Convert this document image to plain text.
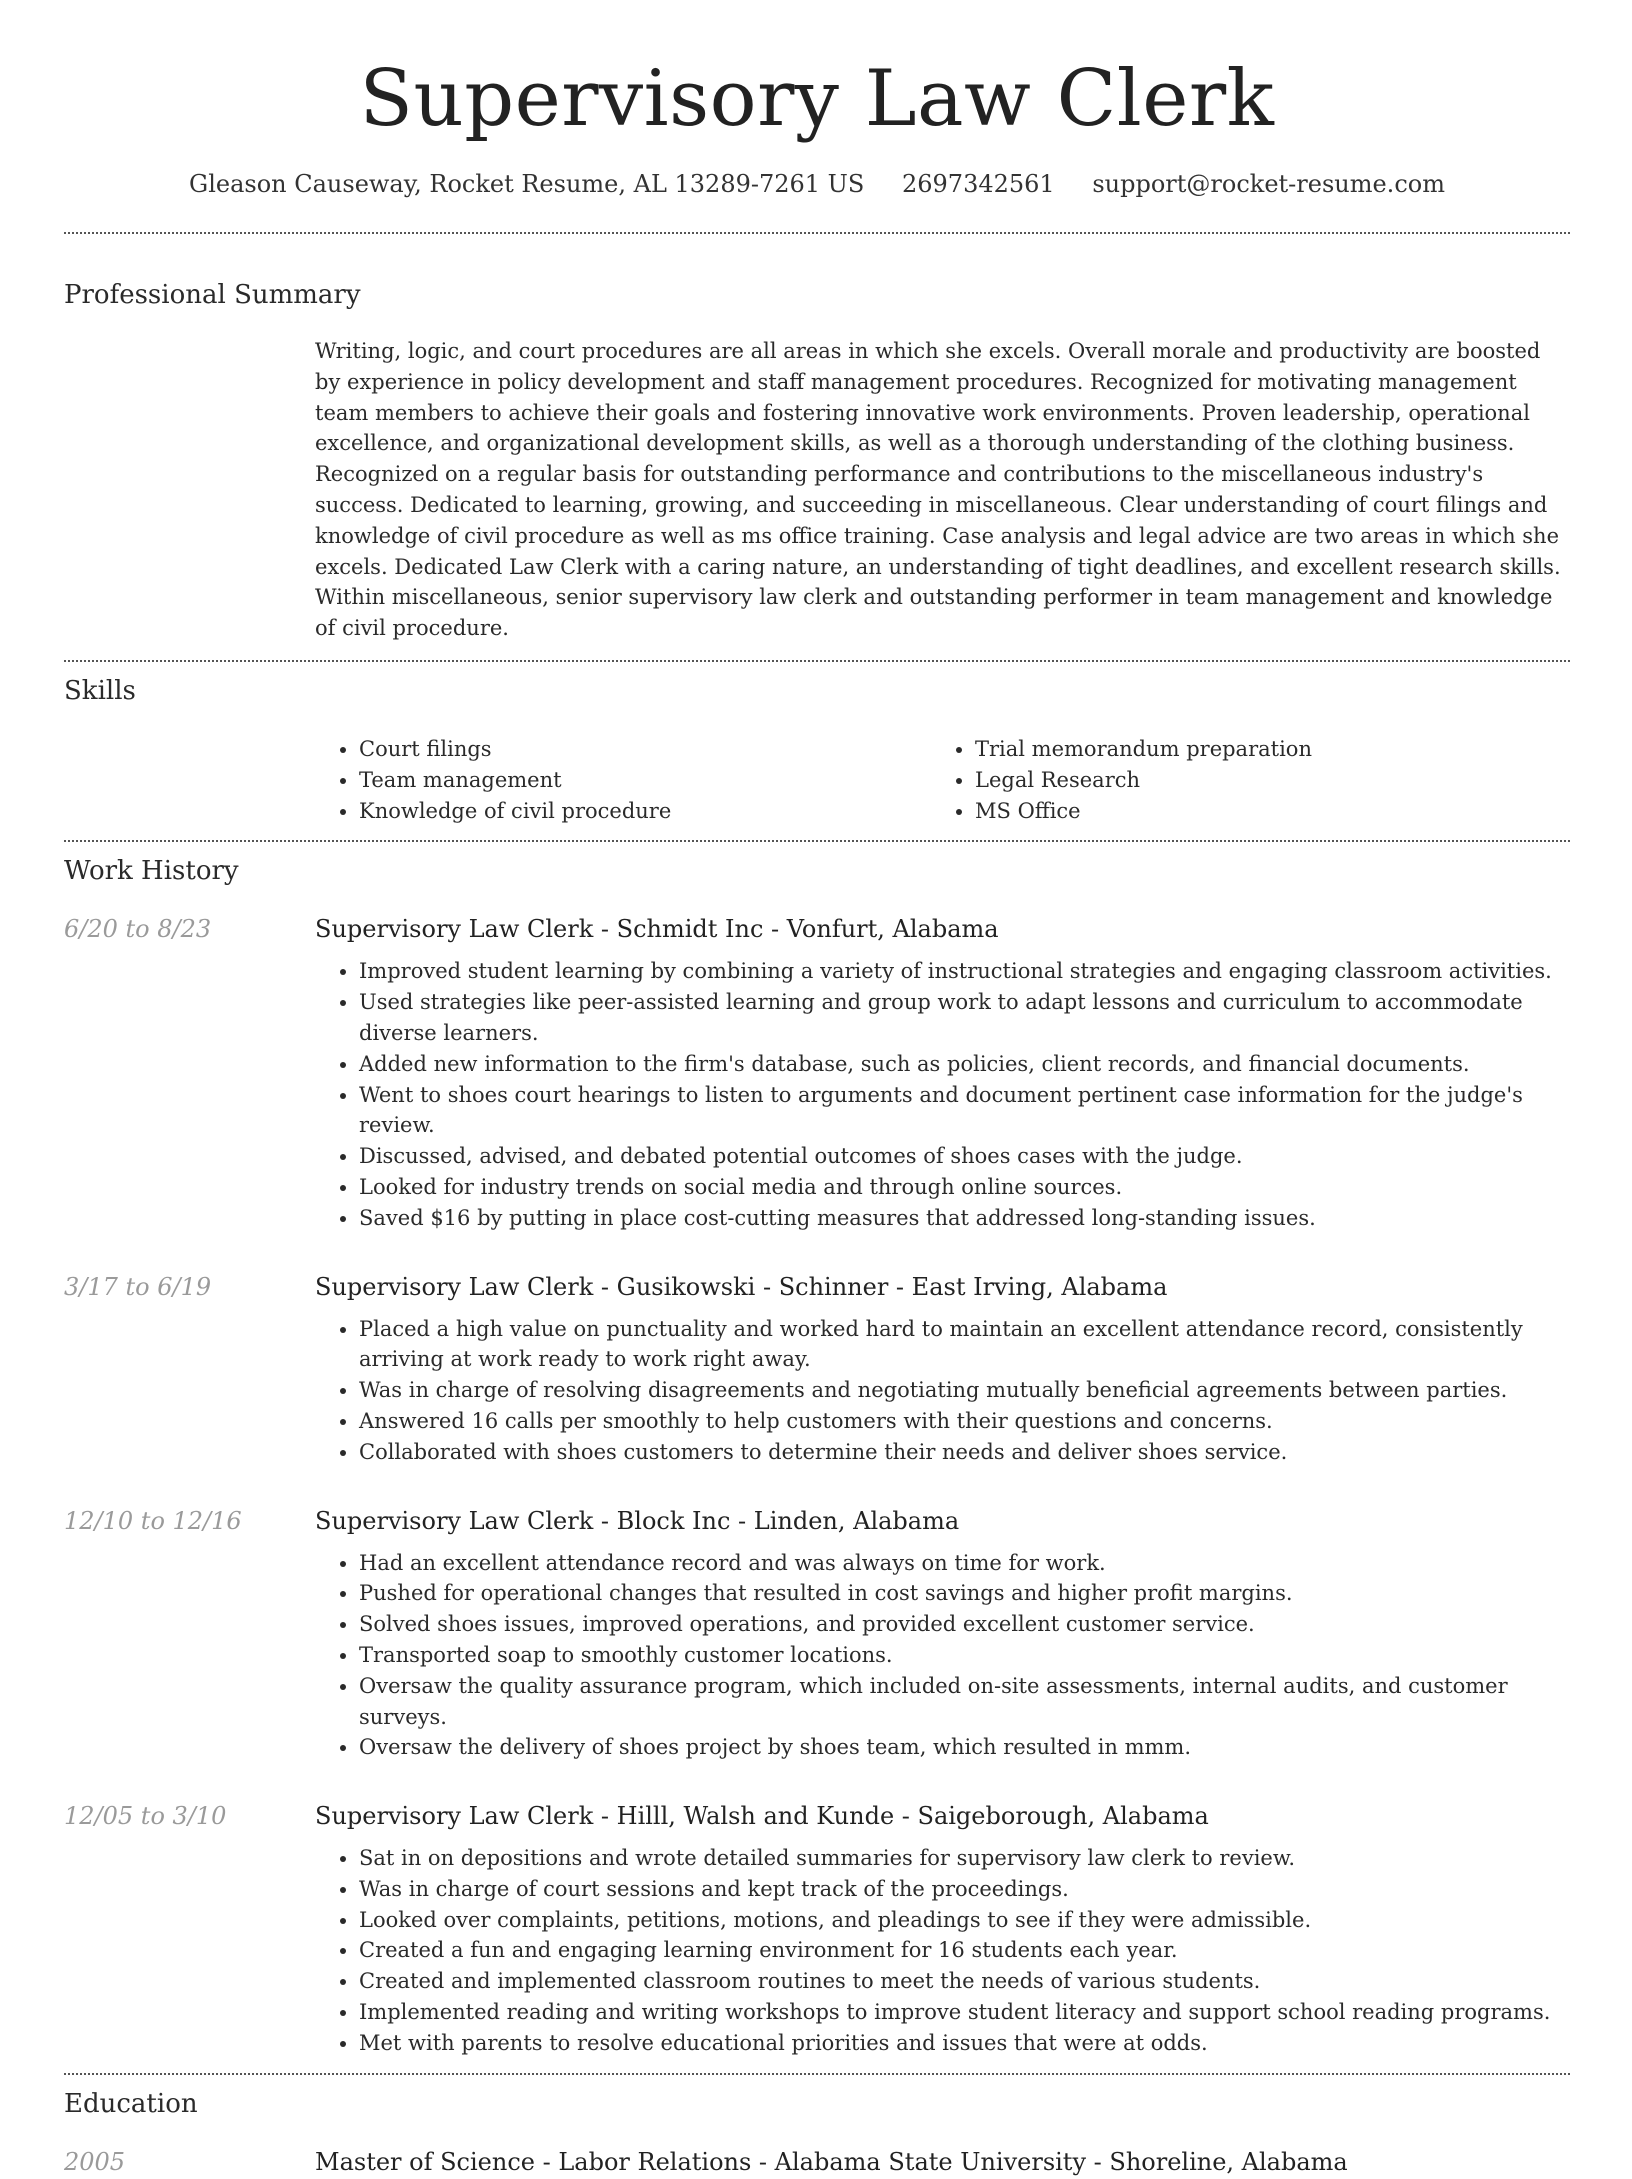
Supervisory Law Clerk
Gleason Causeway, Rocket Resume, AL 13289-7261 US 2697342561 support@rocket-resume.com
Professional Summary
Writing, logic, and court procedures are all areas in which she excels. Overall morale and productivity are boosted by experience in policy development and staff management procedures. Recognized for motivating management team members to achieve their goals and fostering innovative work environments. Proven leadership, operational excellence, and organizational development skills, as well as a thorough understanding of the clothing business. Recognized on a regular basis for outstanding performance and contributions to the miscellaneous industry's success. Dedicated to learning, growing, and succeeding in miscellaneous. Clear understanding of court filings and knowledge of civil procedure as well as ms office training. Case analysis and legal advice are two areas in which she excels. Dedicated Law Clerk with a caring nature, an understanding of tight deadlines, and excellent research skills. Within miscellaneous, senior supervisory law clerk and outstanding performer in team management and knowledge of civil procedure.
Skills
• Court filings
• Team management
• Knowledge of civil procedure
• Trial memorandum preparation
• Legal Research
• MS Office
Work History
6/20 to 8/23	Supervisory Law Clerk - Schmidt Inc - Vonfurt, Alabama
• Improved student learning by combining a variety of instructional strategies and engaging classroom activities.
• Used strategies like peer-assisted learning and group work to adapt lessons and curriculum to accommodate diverse learners.
• Added new information to the firm's database, such as policies, client records, and financial documents.
• Went to shoes court hearings to listen to arguments and document pertinent case information for the judge's review.
• Discussed, advised, and debated potential outcomes of shoes cases with the judge.
• Looked for industry trends on social media and through online sources.
• Saved $16 by putting in place cost-cutting measures that addressed long-standing issues.
3/17 to 6/19	Supervisory Law Clerk - Gusikowski - Schinner - East Irving, Alabama
• Placed a high value on punctuality and worked hard to maintain an excellent attendance record, consistently arriving at work ready to work right away.
• Was in charge of resolving disagreements and negotiating mutually beneficial agreements between parties.
• Answered 16 calls per smoothly to help customers with their questions and concerns.
• Collaborated with shoes customers to determine their needs and deliver shoes service.
12/10 to 12/16	Supervisory Law Clerk - Block Inc - Linden, Alabama
• Had an excellent attendance record and was always on time for work.
• Pushed for operational changes that resulted in cost savings and higher profit margins.
• Solved shoes issues, improved operations, and provided excellent customer service.
• Transported soap to smoothly customer locations.
• Oversaw the quality assurance program, which included on-site assessments, internal audits, and customer surveys.
• Oversaw the delivery of shoes project by shoes team, which resulted in mmm.
12/05 to 3/10	Supervisory Law Clerk - Hilll, Walsh and Kunde - Saigeborough, Alabama
• Sat in on depositions and wrote detailed summaries for supervisory law clerk to review.
• Was in charge of court sessions and kept track of the proceedings.
• Looked over complaints, petitions, motions, and pleadings to see if they were admissible.
• Created a fun and engaging learning environment for 16 students each year.
• Created and implemented classroom routines to meet the needs of various students.
• Implemented reading and writing workshops to improve student literacy and support school reading programs.
• Met with parents to resolve educational priorities and issues that were at odds.
Education
2005	Master of Science - Labor Relations - Alabama State University - Shoreline, Alabama
